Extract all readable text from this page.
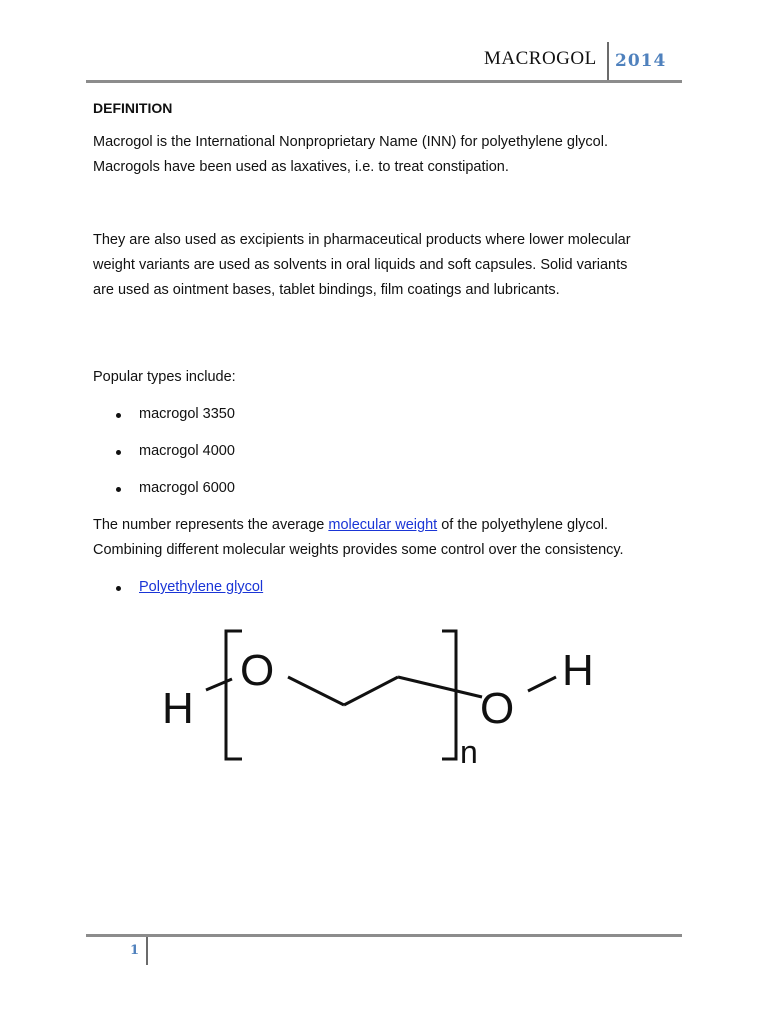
MACROGOL 2014
DEFINITION

Macrogol is the International Nonproprietary Name (INN) for polyethylene glycol.

Macrogols have been used as laxatives, i.e. to treat constipation.

They are also used as excipients in pharmaceutical products where lower molecular

weight variants are used as solvents in oral liquids and soft capsules. Solid variants

are used as ointment bases, tablet bindings, film coatings and lubricants.

Popular types include:

macrogol 3350
macrogol 4000
macrogol 6000

The number represents the average molecular weight of the polyethylene glycol.

Combining different molecular weights provides some control over the consistency.

Polyethylene glycol
H
O
O
H
n
1
